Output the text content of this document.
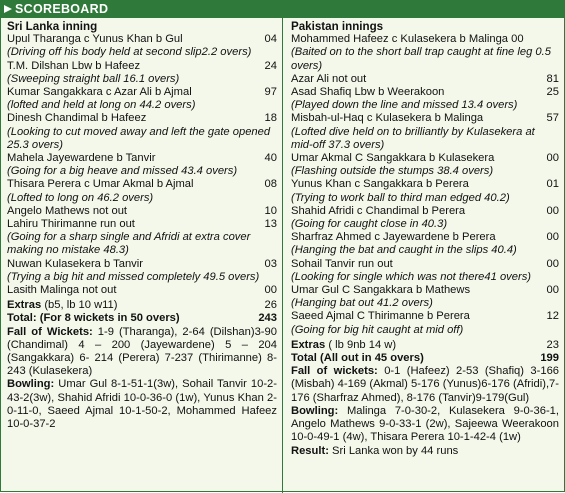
SCOREBOARD
Sri Lanka inning
Upul Tharanga c Yunus Khan b Gul	04
(Driving off his body held at second slip2.2 overs)
T.M. Dilshan Lbw b Hafeez	24
(Sweeping straight ball 16.1 overs)
Kumar Sangakkara c Azar Ali b Ajmal	97
(lofted and held at long on 44.2 overs)
Dinesh Chandimal b Hafeez	18
(Looking to cut moved away and left the gate opened 25.3 overs)
Mahela Jayewardene b Tanvir	40
(Going for a big heave and missed 43.4 overs)
Thisara Perera c Umar Akmal b Ajmal	08
(Lofted to long on 46.2 overs)
Angelo Mathews not out	10
Lahiru Thirimanne run out	13
(Going for a sharp single and Afridi at extra cover making no mistake 48.3)
Nuwan Kulasekera b Tanvir	03
(Trying a big hit and missed completely 49.5 overs)
Lasith Malinga not out	00
Extras (b5, lb 10 w11)	26
Total: (For 8 wickets in 50 overs)	243
Fall of Wickets: 1-9 (Tharanga), 2-64 (Dilshan)3-90 (Chandimal) 4 – 200 (Jayewardene) 5 – 204 (Sangakkara) 6- 214 (Perera) 7-237 (Thirimanne) 8-243 (Kulasekera)
Bowling: Umar Gul 8-1-51-1(3w), Sohail Tanvir 10-2-43-2(3w), Shahid Afridi 10-0-36-0 (1w), Yunus Khan 2-0-11-0, Saeed Ajmal 10-1-50-2, Mohammed Hafeez 10-0-37-2
Pakistan innings
Mohammed Hafeez c Kulasekera b Malinga 00
(Baited on to the short ball trap caught at fine leg 0.5 overs)
Azar Ali not out	81
Asad Shafiq Lbw b Weerakoon	25
(Played down the line and missed 13.4 overs)
Misbah-ul-Haq c Kulasekera b Malinga	57
(Lofted dive held on to brilliantly by Kulasekera at mid-off 37.3 overs)
Umar Akmal C Sangakkara b Kulasekera	00
(Flashing outside the stumps 38.4 overs)
Yunus Khan c Sangakkara b Perera	01
(Trying to work ball to third man edged 40.2)
Shahid Afridi c Chandimal b Perera	00
(Going for caught close in 40.3)
Sharfraz Ahmed c Jayewardene b Perera	00
(Hanging the bat and caught in the slips 40.4)
Sohail Tanvir run out	00
(Looking for single which was not there41 overs)
Umar Gul C Sangakkara b Mathews	00
(Hanging bat out 41.2 overs)
Saeed Ajmal C Thirimanne b Perera	12
(Going for big hit caught at mid off)
Extras ( lb 9nb 14 w)	23
Total (All out in 45 overs)	199
Fall of wickets: 0-1 (Hafeez) 2-53 (Shafiq) 3-166 (Misbah) 4-169 (Akmal) 5-176 (Yunus)6-176 (Afridi),7-176 (Sharfraz Ahmed), 8-176 (Tanvir)9-179(Gul)
Bowling: Malinga 7-0-30-2, Kulasekera 9-0-36-1, Angelo Mathews 9-0-33-1 (2w), Sajeewa Weerakoon 10-0-49-1 (4w), Thisara Perera 10-1-42-4 (1w)
Result: Sri Lanka won by 44 runs
